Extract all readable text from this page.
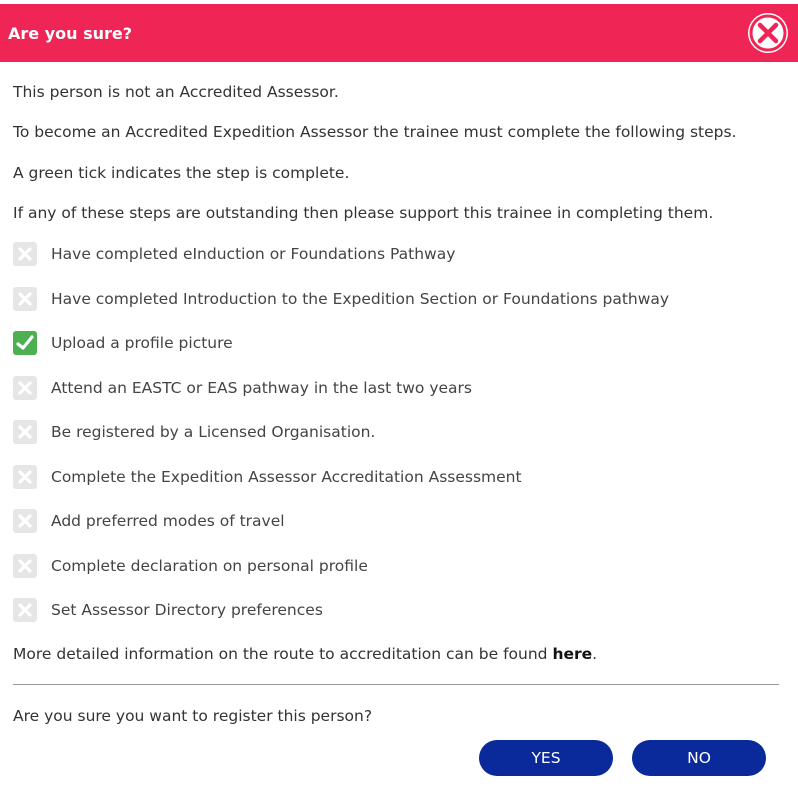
Are you sure?

This person is not an Accredited Assessor.

To become an Accredited Expedition Assessor the trainee must complete the following steps.

A green tick indicates the step is complete.

If any of these steps are outstanding then please support this trainee in completing them.

Have completed eInduction or Foundations Pathway
Have completed Introduction to the Expedition Section or Foundations pathway
Upload a profile picture
Attend an EASTC or EAS pathway in the last two years
Be registered by a Licensed Organisation.
Complete the Expedition Assessor Accreditation Assessment
Add preferred modes of travel
Complete declaration on personal profile
Set Assessor Directory preferences

More detailed information on the route to accreditation can be found here.

Are you sure you want to register this person?

YES	NO
